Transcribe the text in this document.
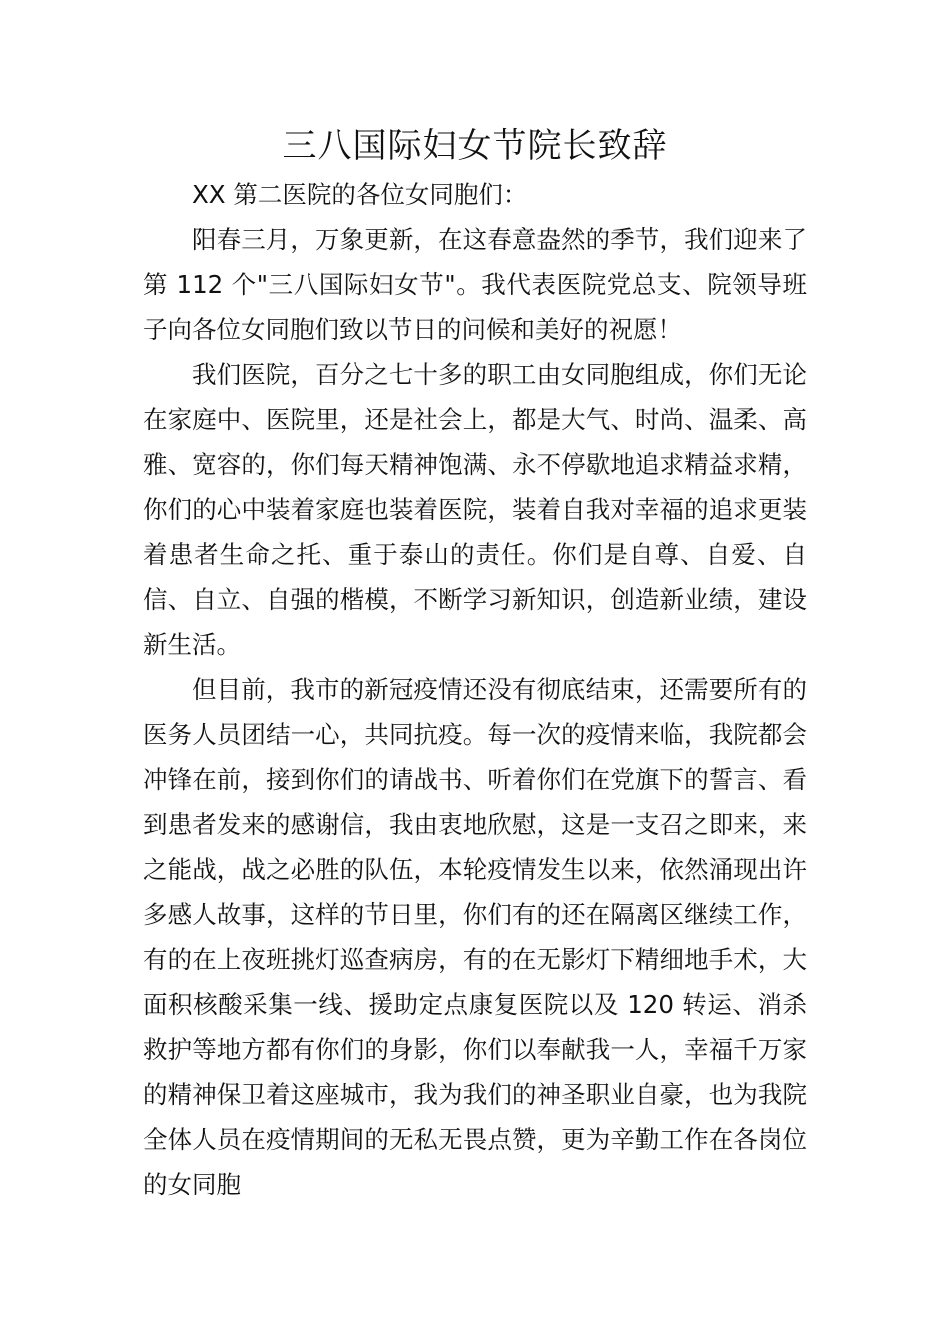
三八国际妇女节院长致辞

XX 第二医院的各位女同胞们：

阳春三月，万象更新，在这春意盎然的季节，我们迎来了第 112 个"三八国际妇女节"。我代表医院党总支、院领导班子向各位女同胞们致以节日的问候和美好的祝愿！

我们医院，百分之七十多的职工由女同胞组成，你们无论在家庭中、医院里，还是社会上，都是大气、时尚、温柔、高雅、宽容的，你们每天精神饱满、永不停歇地追求精益求精，你们的心中装着家庭也装着医院，装着自我对幸福的追求更装着患者生命之托、重于泰山的责任。你们是自尊、自爱、自信、自立、自强的楷模，不断学习新知识，创造新业绩，建设新生活。

但目前，我市的新冠疫情还没有彻底结束，还需要所有的医务人员团结一心，共同抗疫。每一次的疫情来临，我院都会冲锋在前，接到你们的请战书、听着你们在党旗下的誓言、看到患者发来的感谢信，我由衷地欣慰，这是一支召之即来，来之能战，战之必胜的队伍，本轮疫情发生以来，依然涌现出许多感人故事，这样的节日里，你们有的还在隔离区继续工作，有的在上夜班挑灯巡查病房，有的在无影灯下精细地手术，大面积核酸采集一线、援助定点康复医院以及 120 转运、消杀救护等地方都有你们的身影，你们以奉献我一人，幸福千万家的精神保卫着这座城市，我为我们的神圣职业自豪，也为我院全体人员在疫情期间的无私无畏点赞，更为辛勤工作在各岗位的女同胞
